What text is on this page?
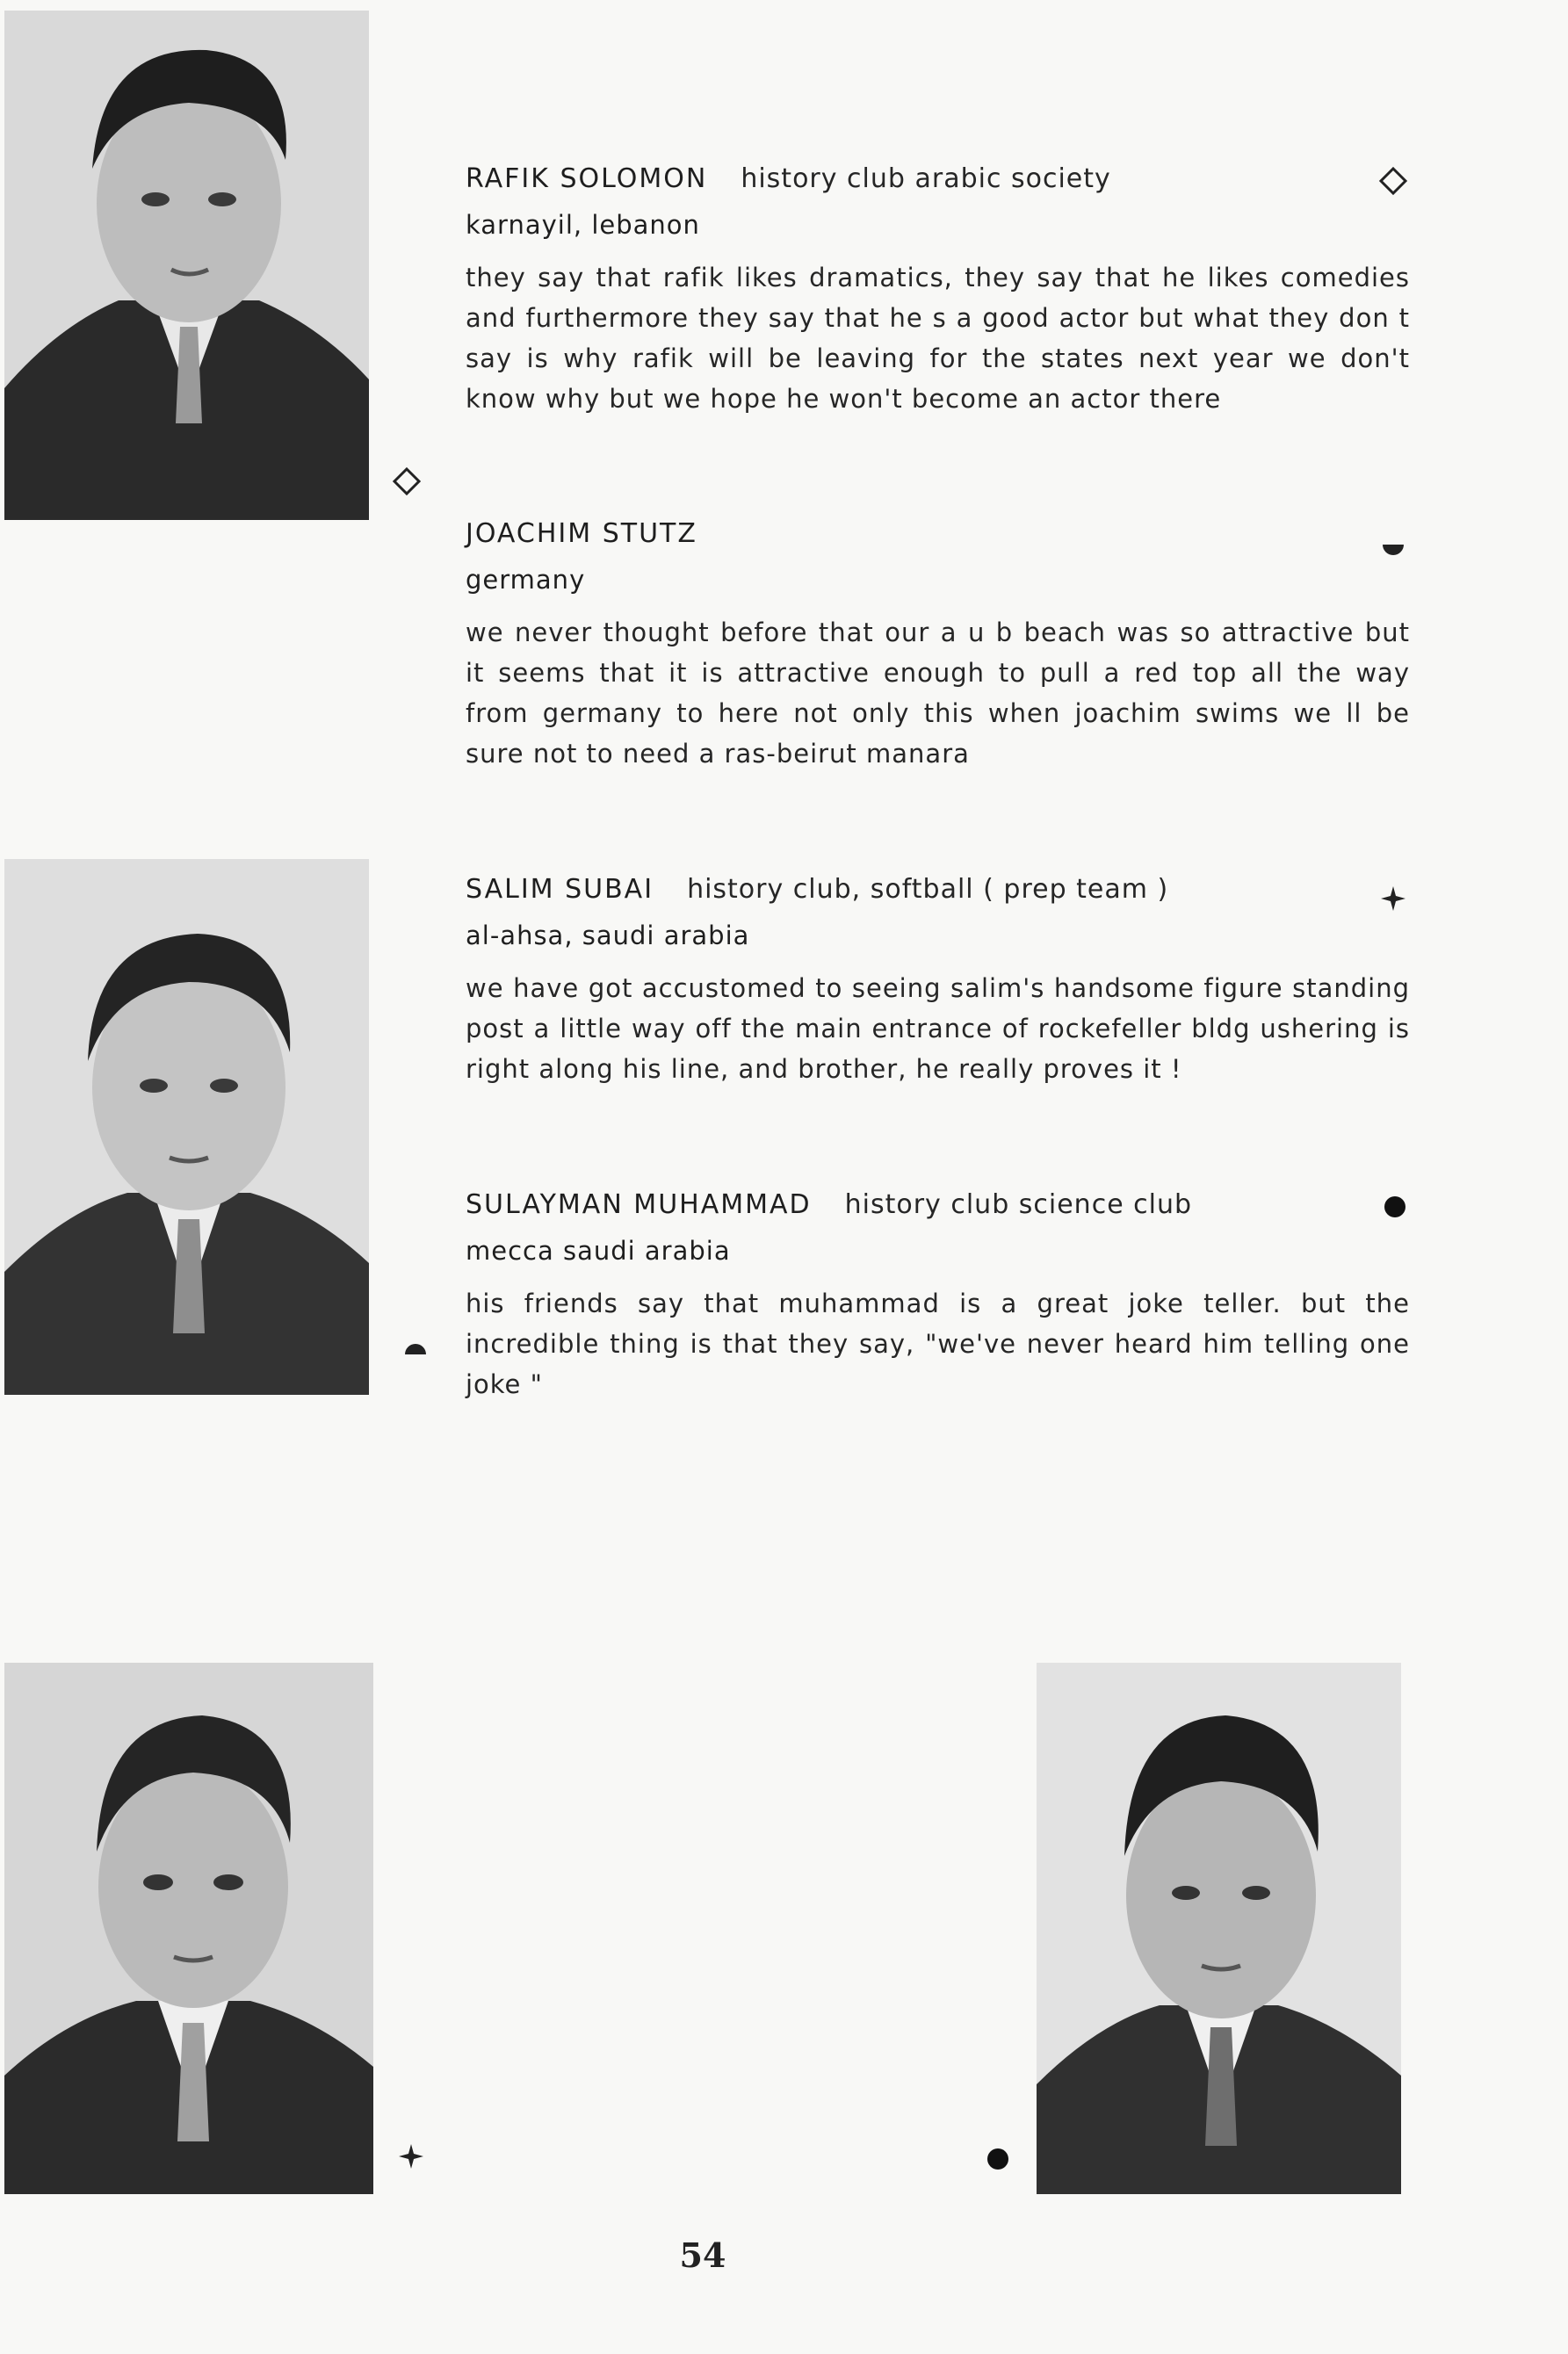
RAFIK SOLOMON history club arabic society
karnayil, lebanon
they say that rafik likes dramatics, they say that he likes comedies and furthermore they say that he s a good actor but what they don t say is why rafik will be leaving for the states next year we don't know why but we hope he won't become an actor there
JOACHIM STUTZ
germany
we never thought before that our a u b beach was so attractive but it seems that it is attractive enough to pull a red top all the way from germany to here not only this when joachim swims we ll be sure not to need a ras-beirut manara
SALIM SUBAI history club, softball ( prep team )
al-ahsa, saudi arabia
we have got accustomed to seeing salim's handsome figure standing post a little way off the main entrance of rockefeller bldg ushering is right along his line, and brother, he really proves it !
SULAYMAN MUHAMMAD history club science club
mecca saudi arabia
his friends say that muhammad is a great joke teller. but the incredible thing is that they say, "we've never heard him telling one joke "
54
